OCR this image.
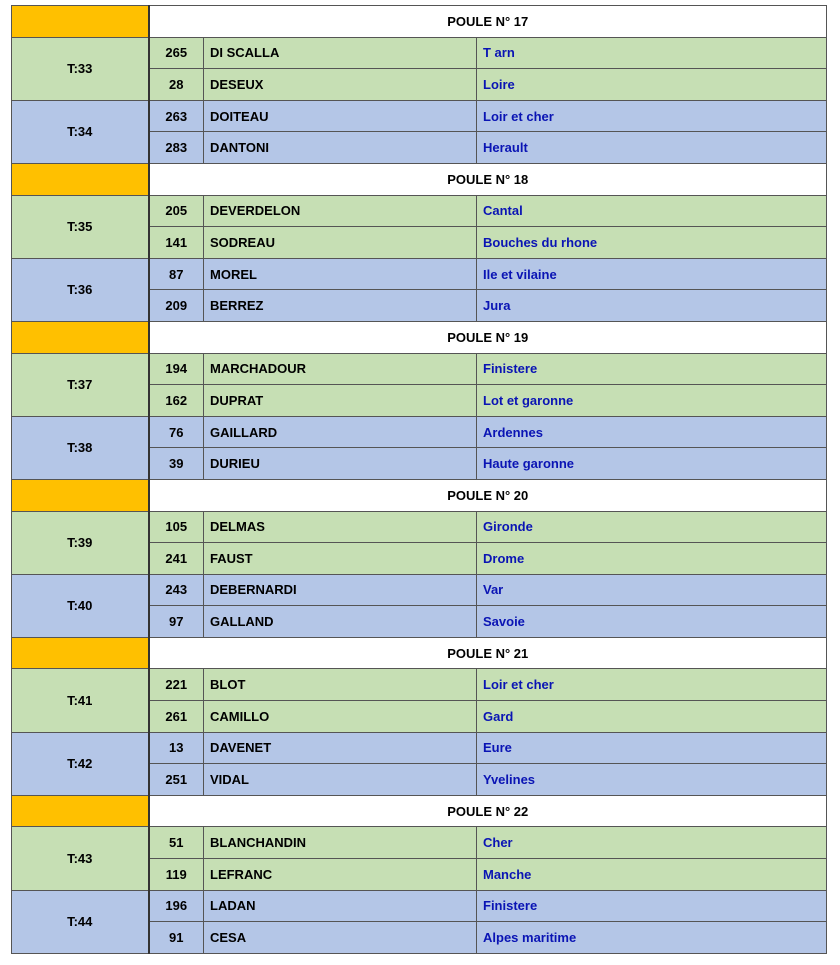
	POULE N° 17		
T:33	265	DI SCALLA	T arn
	28	DESEUX	Loire
T:34	263	DOITEAU	Loir et cher
	283	DANTONI	Herault
	POULE N° 18		
T:35	205	DEVERDELON	Cantal
	141	SODREAU	Bouches du rhone
T:36	87	MOREL	Ile et vilaine
	209	BERREZ	Jura
	POULE N° 19		
T:37	194	MARCHADOUR	Finistere
	162	DUPRAT	Lot et garonne
T:38	76	GAILLARD	Ardennes
	39	DURIEU	Haute garonne
	POULE N° 20		
T:39	105	DELMAS	Gironde
	241	FAUST	Drome
T:40	243	DEBERNARDI	Var
	97	GALLAND	Savoie
	POULE N° 21		
T:41	221	BLOT	Loir et cher
	261	CAMILLO	Gard
T:42	13	DAVENET	Eure
	251	VIDAL	Yvelines
	POULE N° 22		
T:43	51	BLANCHANDIN	Cher
	119	LEFRANC	Manche
T:44	196	LADAN	Finistere
	91	CESA	Alpes maritime
